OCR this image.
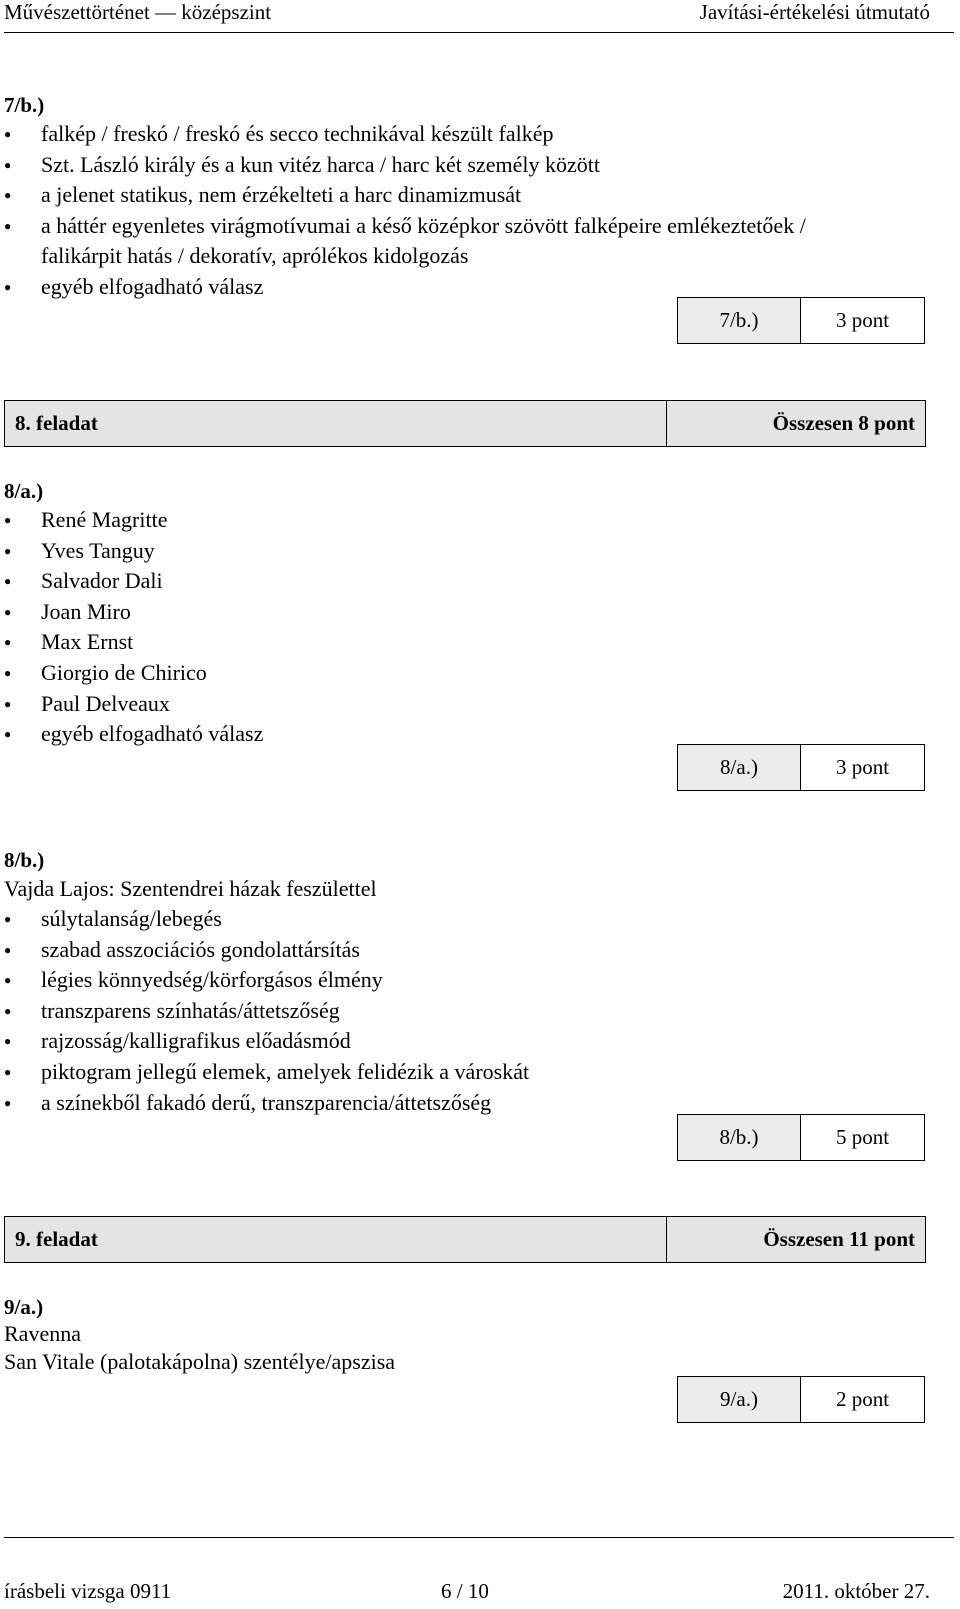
Művészettörténet — középszint	Javítási-értékelési útmutató
7/b.)
● falkép / freskó / freskó és secco technikával készült falkép
● Szt. László király és a kun vitéz harca / harc két személy között
● a jelenet statikus, nem érzékelteti a harc dinamizmusát
● a háttér egyenletes virágmotívumai a késő középkor szövött falképeire emlékeztetőek /
falikárpit hatás / dekoratív, aprólékos kidolgozás
● egyéb elfogadható válasz
7/b.)	3 pont
8. feladat	Összesen 8 pont
8/a.)
● René Magritte
● Yves Tanguy
● Salvador Dali
● Joan Miro
● Max Ernst
● Giorgio de Chirico
● Paul Delveaux
● egyéb elfogadható válasz
8/a.)	3 pont
8/b.)
Vajda Lajos: Szentendrei házak feszülettel
● súlytalanság/lebegés
● szabad asszociációs gondolattársítás
● légies könnyedség/körforgásos élmény
● transzparens színhatás/áttetszőség
● rajzosság/kalligrafikus előadásmód
● piktogram jellegű elemek, amelyek felidézik a városkát
● a színekből fakadó derű, transzparencia/áttetszőség
8/b.)	5 pont
9. feladat	Összesen 11 pont
9/a.)
Ravenna
San Vitale (palotakápolna) szentélye/apszisa
9/a.)	2 pont
írásbeli vizsga 0911	6 / 10	2011. október 27.
